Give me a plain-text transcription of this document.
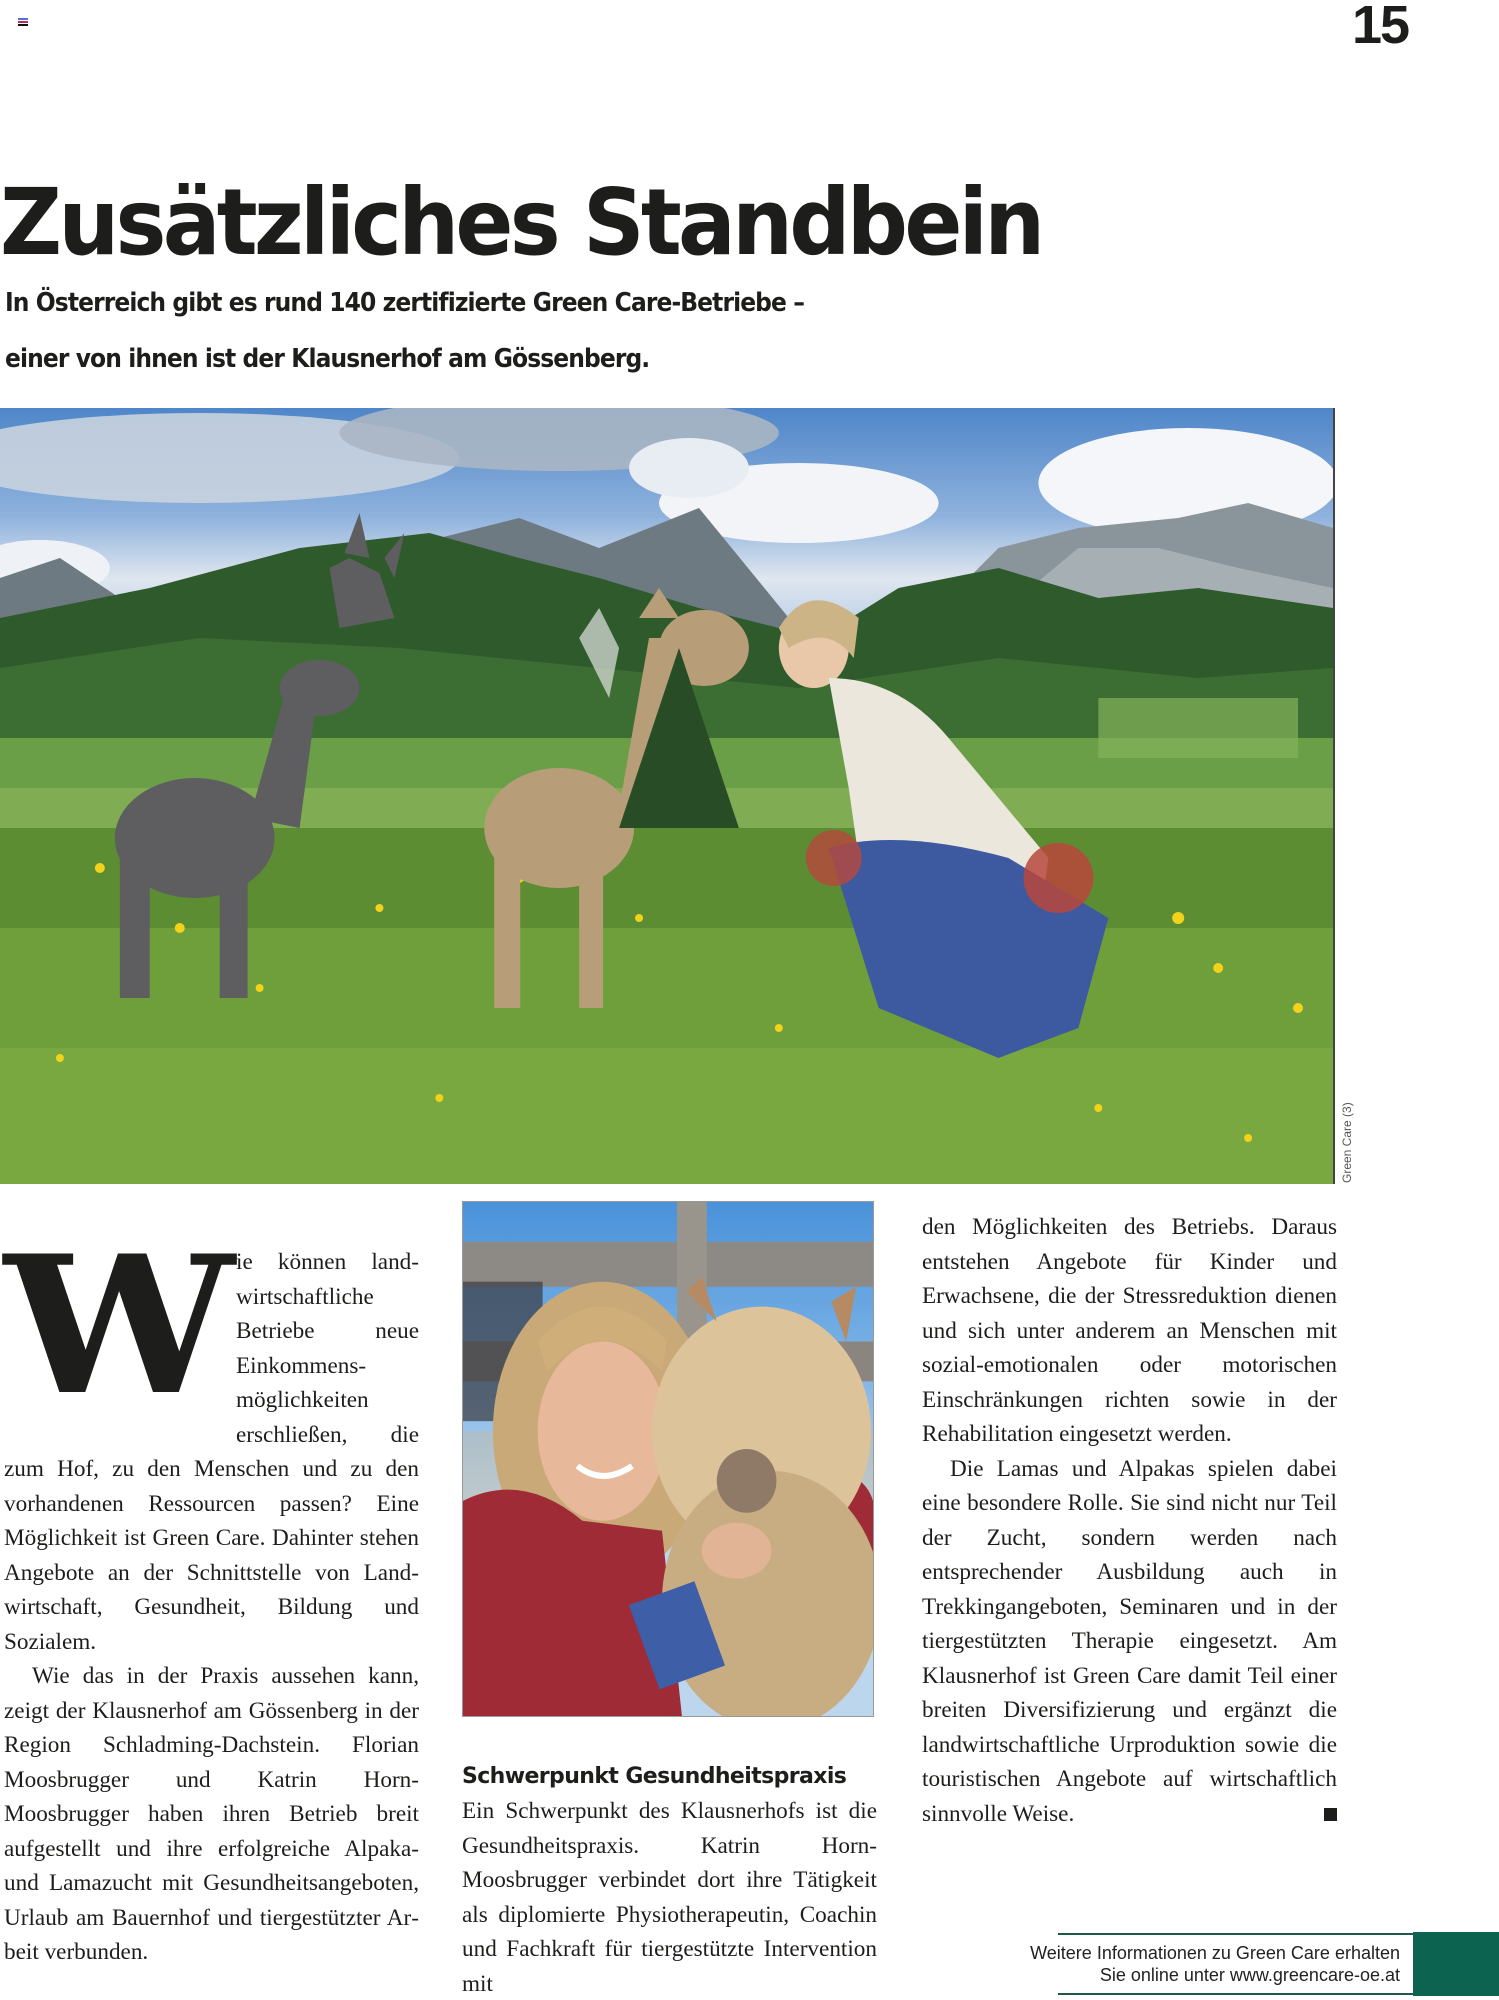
15
Zusätzliches Standbein
In Österreich gibt es rund 140 zertifizierte Green Care-Betriebe –
einer von ihnen ist der Klausnerhof am Gössenberg.
Green Care (3)

Wie können landwirtschaftliche Betriebe neue Einkommensmöglichkeiten erschließen, die zum Hof, zu den Menschen und zu den vorhandenen Ressourcen passen? Eine Möglichkeit ist Green Care. Dahinter stehen Angebote an der Schnittstelle von Landwirtschaft, Gesundheit, Bildung und Sozialem.

Wie das in der Praxis aussehen kann, zeigt der Klausnerhof am Gössenberg in der Region Schladming-Dachstein. Florian Moosbrugger und Katrin Horn-Moosbrugger haben ihren Betrieb breit aufgestellt und ihre erfolgreiche Alpaka- und Lamazucht mit Gesundheitsangeboten, Urlaub am Bauernhof und tiergestützter Arbeit verbunden.

Schwerpunkt Gesundheitspraxis

Ein Schwerpunkt des Klausnerhofs ist die Gesundheitspraxis. Katrin Horn-Moosbrugger verbindet dort ihre Tätigkeit als diplomierte Physiotherapeutin, Coachin und Fachkraft für tiergestützte Intervention mit

den Möglichkeiten des Betriebs. Daraus entstehen Angebote für Kinder und Erwachsene, die der Stressreduktion dienen und sich unter anderem an Menschen mit sozial-emotionalen oder motorischen Einschränkungen richten sowie in der Rehabilitation eingesetzt werden.

Die Lamas und Alpakas spielen dabei eine besondere Rolle. Sie sind nicht nur Teil der Zucht, sondern werden nach entsprechender Ausbildung auch in Trekkingangeboten, Seminaren und in der tiergestützten Therapie eingesetzt. Am Klausnerhof ist Green Care damit Teil einer breiten Diversifizierung und ergänzt die landwirtschaftliche Urproduktion sowie die touristischen Angebote auf wirtschaftlich sinnvolle Weise.

Weitere Informationen zu Green Care erhalten
Sie online unter www.greencare-oe.at
